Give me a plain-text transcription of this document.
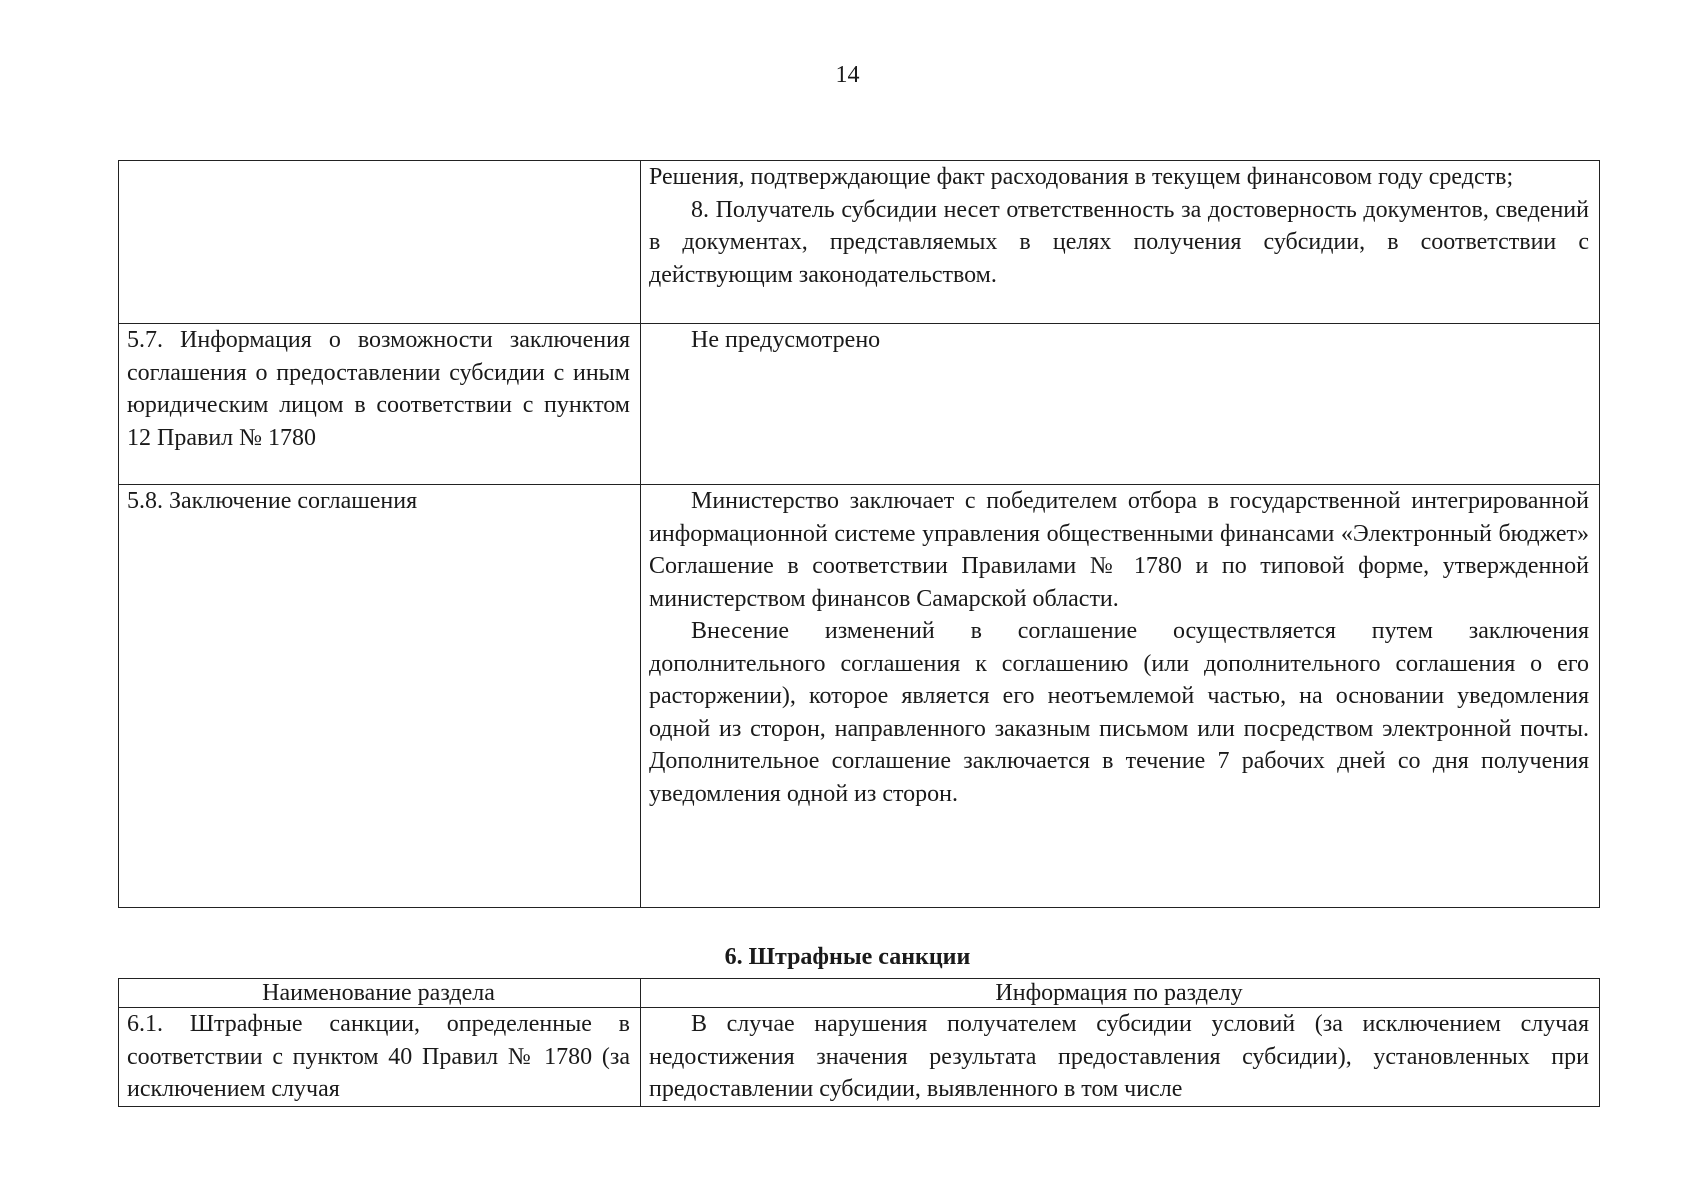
14

	Решения, подтверждающие факт расходования в текущем финансовом году средств;

8. Получатель субсидии несет ответственность за достоверность документов, сведений в документах, представляемых в целях получения субсидии, в соответствии с действующим законодательством.

5.7. Информация о возможности заключения соглашения о предоставлении субсидии с иным юридическим лицом в соответствии с пунктом 12 Правил № 1780	Не предусмотрено

5.8. Заключение соглашения	Министерство заключает с победителем отбора в государственной интегрированной информационной системе управления общественными финансами «Электронный бюджет» Соглашение в соответствии Правилами № 1780 и по типовой форме, утвержденной министерством финансов Самарской области.

Внесение изменений в соглашение осуществляется путем заключения дополнительного соглашения к соглашению (или дополнительного соглашения о его расторжении), которое является его неотъемлемой частью, на основании уведомления одной из сторон, направленного заказным письмом или посредством электронной почты. Дополнительное соглашение заключается в течение 7 рабочих дней со дня получения уведомления одной из сторон.

6. Штрафные санкции
Наименование раздела	Информация по разделу
6.1. Штрафные санкции, определенные в соответствии с пунктом 40 Правил № 1780 (за исключением случая	В случае нарушения получателем субсидии условий (за исключением случая недостижения значения результата предоставления субсидии), установленных при предоставлении субсидии, выявленного в том числе
